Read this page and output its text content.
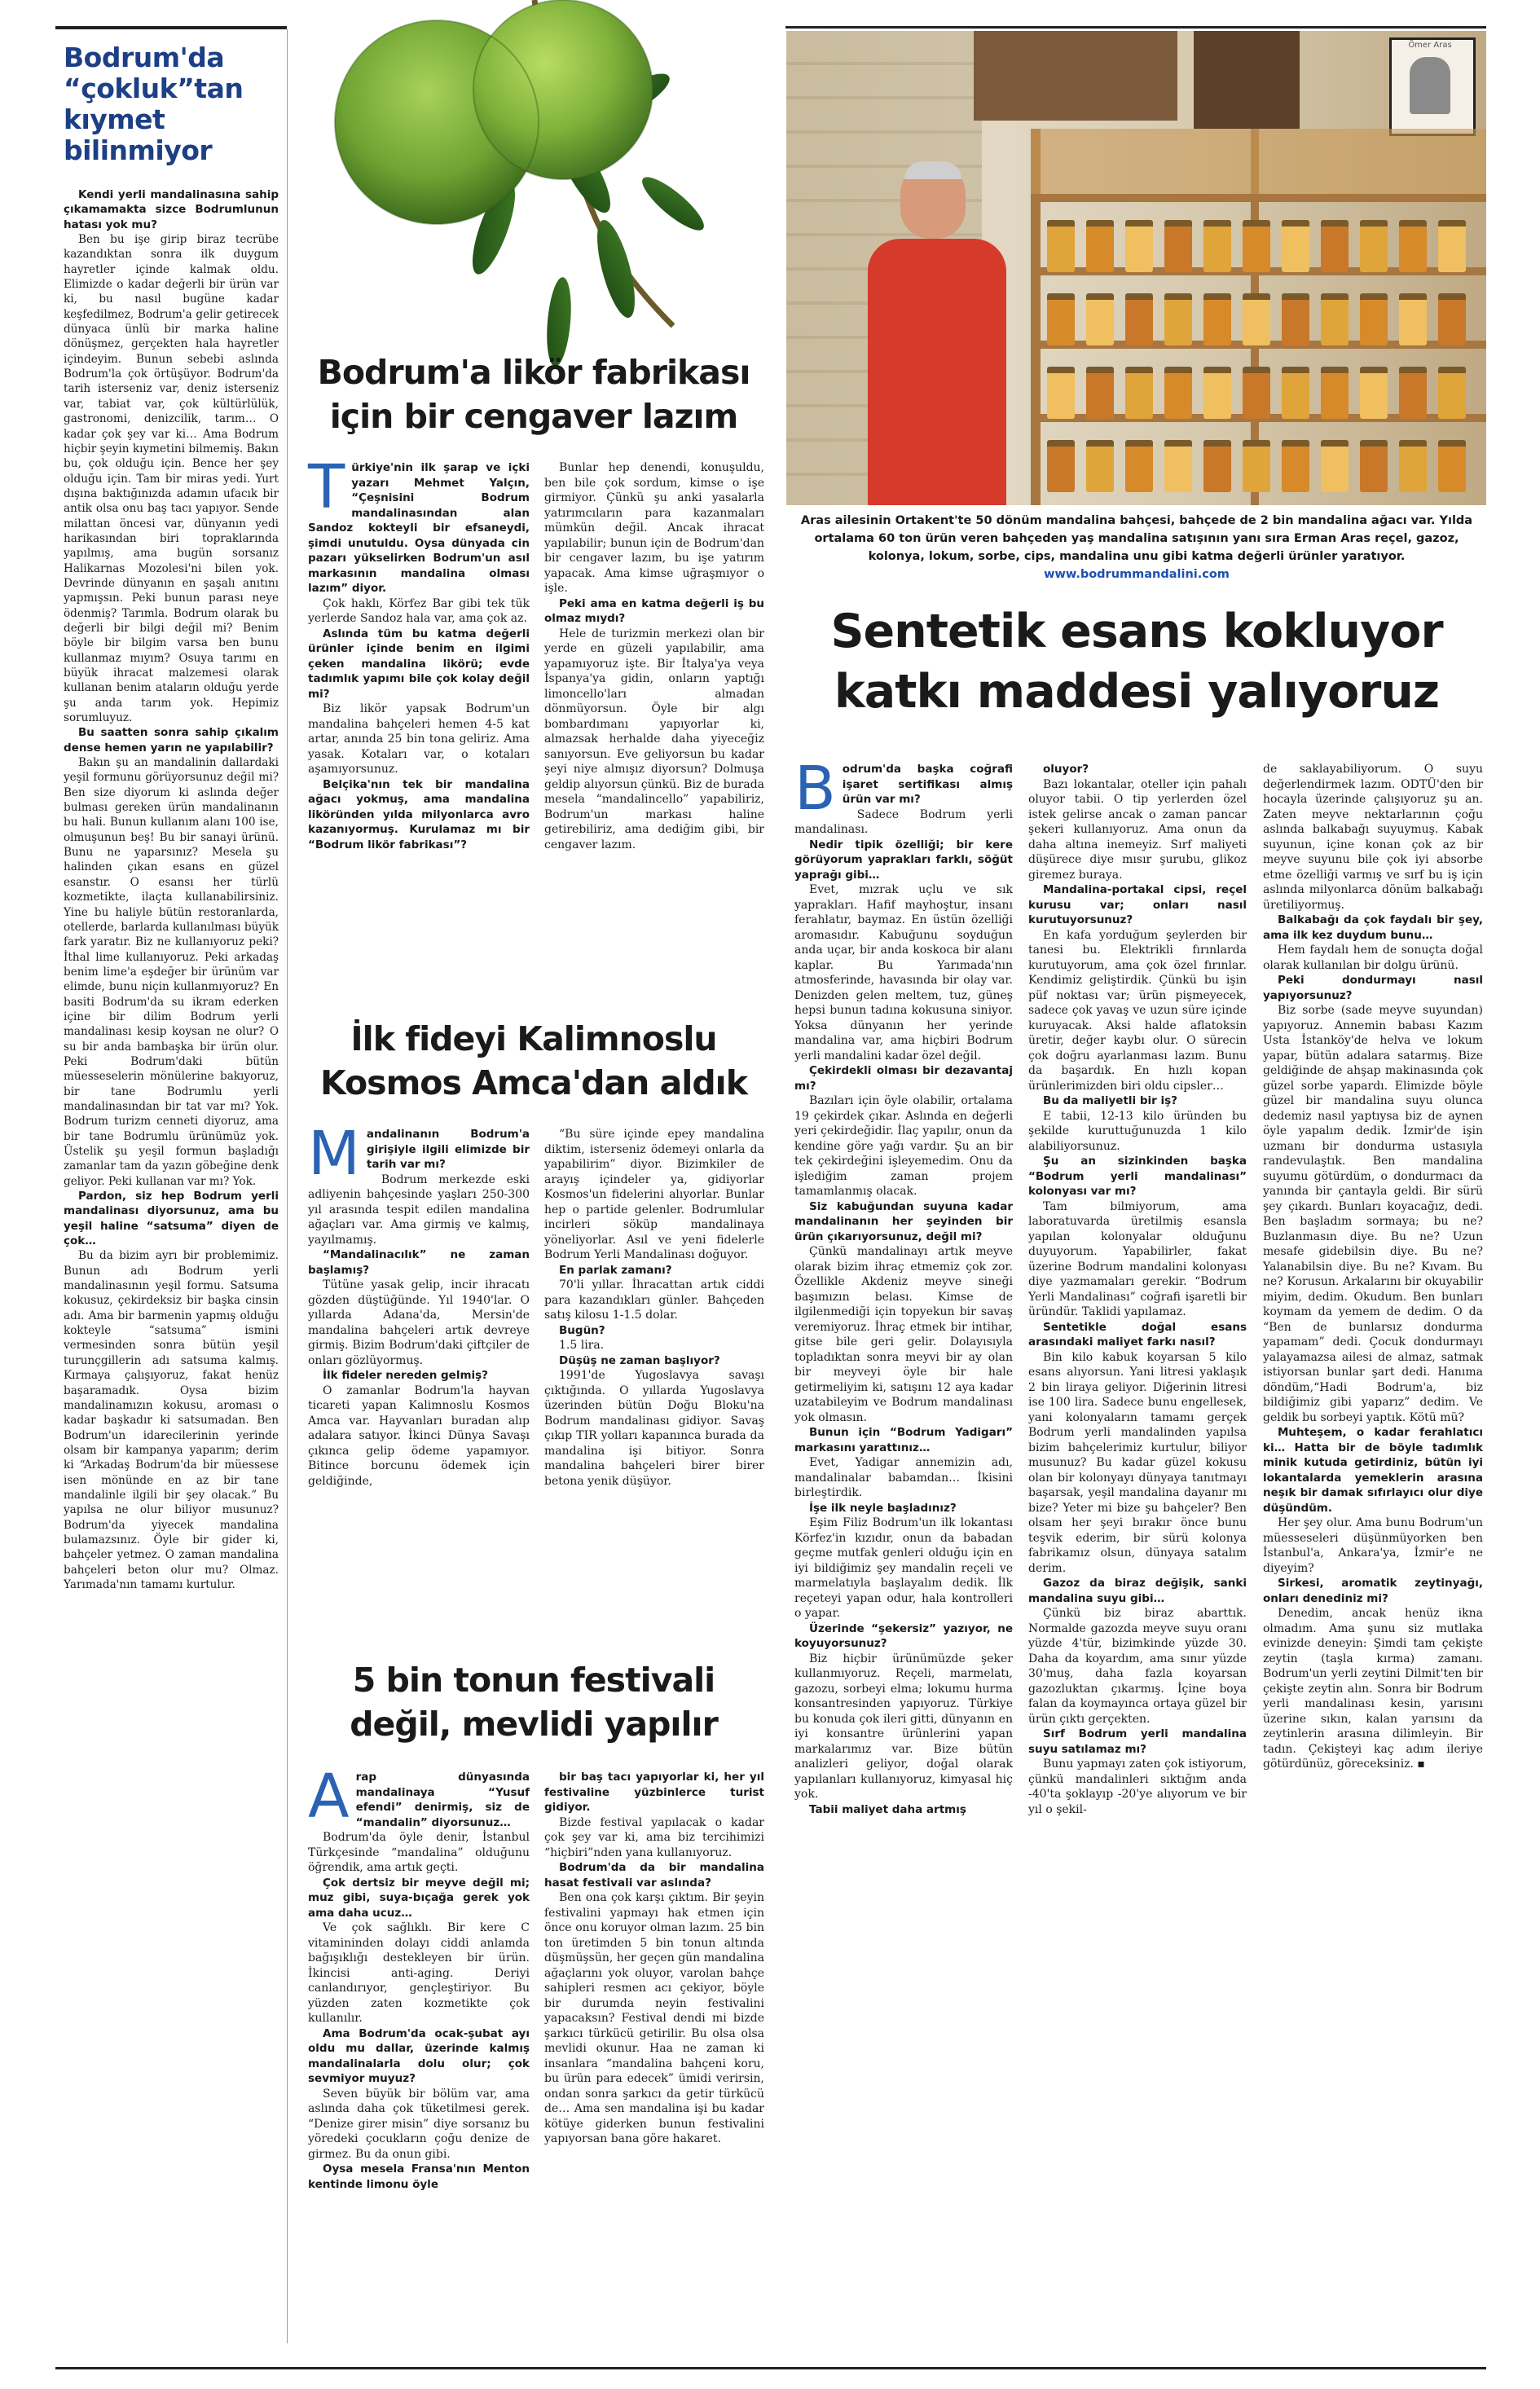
Bodrum'da
“çokluk”tan
kıymet
bilinmiyor

Kendi yerli mandalinasına sahip çıkamamakta sizce Bodrumlunun hatası yok mu?

Ben bu işe girip biraz tecrübe kazandıktan sonra ilk duygum hayretler içinde kalmak oldu. Elimizde o kadar değerli bir ürün var ki, bu nasıl bugüne kadar keşfedilmez, Bodrum'a gelir getirecek dünyaca ünlü bir marka haline dönüşmez, gerçekten hala hayretler içindeyim. Bunun sebebi aslında Bodrum'la çok örtüşüyor. Bodrum'da tarih isterseniz var, deniz isterseniz var, tabiat var, çok kültürlülük, gastronomi, denizcilik, tarım… O kadar çok şey var ki… Ama Bodrum hiçbir şeyin kıymetini bilmemiş. Bakın bu, çok olduğu için. Bence her şey olduğu için. Tam bir miras yedi. Yurt dışına baktığınızda adamın ufacık bir antik olsa onu baş tacı yapıyor. Sende milattan öncesi var, dünyanın yedi harikasından biri topraklarında yapılmış, ama bugün sorsanız Halikarnas Mozolesi'ni bilen yok. Devrinde dünyanın en şaşalı anıtını yapmışsın. Peki bunun parası neye ödenmiş? Tarımla. Bodrum olarak bu değerli bir bilgi değil mi? Benim böyle bir bilgim varsa ben bunu kullanmaz mıyım? Osuya tarımı en büyük ihracat malzemesi olarak kullanan benim ataların olduğu yerde şu anda tarım yok. Hepimiz sorumluyuz.

Bu saatten sonra sahip çıkalım dense hemen yarın ne yapılabilir?

Bakın şu an mandalinin dallardaki yeşil formunu görüyorsunuz değil mi? Ben size diyorum ki aslında değer bulması gereken ürün mandalinanın bu hali. Bunun kullanım alanı 100 ise, olmuşunun beş! Bu bir sanayi ürünü. Bunu ne yaparsınız? Mesela şu halinden çıkan esans en güzel esanstır. O esansı her türlü kozmetikte, ilaçta kullanabilirsiniz. Yine bu haliyle bütün restoranlarda, otellerde, barlarda kullanılması büyük fark yaratır. Biz ne kullanıyoruz peki? İthal lime kullanıyoruz. Peki arkadaş benim lime'a eşdeğer bir ürünüm var elimde, bunu niçin kullanmıyoruz? En basiti Bodrum'da su ikram ederken içine bir dilim Bodrum yerli mandalinası kesip koysan ne olur? O su bir anda bambaşka bir ürün olur. Peki Bodrum'daki bütün müesseselerin mönülerine bakıyoruz, bir tane Bodrumlu yerli mandalinasından bir tat var mı? Yok. Bodrum turizm cenneti diyoruz, ama bir tane Bodrumlu ürünümüz yok. Üstelik şu yeşil formun başladığı zamanlar tam da yazın göbeğine denk geliyor. Peki kullanan var mı? Yok.

Pardon, siz hep Bodrum yerli mandalinası diyorsunuz, ama bu yeşil haline “satsuma” diyen de çok…

Bu da bizim ayrı bir problemimiz. Bunun adı Bodrum yerli mandalinasının yeşil formu. Satsuma kokusuz, çekirdeksiz bir başka cinsin adı. Ama bir barmenin yapmış olduğu kokteyle “satsuma” ismini vermesinden sonra bütün yeşil turunçgillerin adı satsuma kalmış. Kırmaya çalışıyoruz, fakat henüz başaramadık. Oysa bizim mandalinamızın kokusu, aroması o kadar başkadır ki satsumadan. Ben Bodrum'un idarecilerinin yerinde olsam bir kampanya yaparım; derim ki “Arkadaş Bodrum'da bir müessese isen mönünde en az bir tane mandalinle ilgili bir şey olacak.” Bu yapılsa ne olur biliyor musunuz? Bodrum'da yiyecek mandalina bulamazsınız. Öyle bir gider ki, bahçeler yetmez. O zaman mandalina bahçeleri beton olur mu? Olmaz. Yarımada'nın tamamı kurtulur.

Bodrum'a likör fabrikası
için bir cengaver lazım
T ürkiye'nin ilk şarap ve içki yazarı Mehmet Yalçın, “Çeşnisini Bodrum mandalinasından alan Sandoz kokteyli bir efsaneydi, şimdi unutuldu. Oysa dünyada cin pazarı yükselirken Bodrum'un asıl markasının mandalina olması lazım” diyor.

Çok haklı, Körfez Bar gibi tek tük yerlerde Sandoz hala var, ama çok az.

Aslında tüm bu katma değerli ürünler içinde benim en ilgimi çeken mandalina likörü; evde tadımlık yapımı bile çok kolay değil mi?

Biz likör yapsak Bodrum'un mandalina bahçeleri hemen 4-5 kat artar, anında 25 bin tona geliriz. Ama yasak. Kotaları var, o kotaları aşamıyorsunuz.

Belçika'nın tek bir mandalina ağacı yokmuş, ama mandalina liköründen yılda milyonlarca avro kazanıyormuş. Kurulamaz mı bir “Bodrum likör fabrikası”?

Bunlar hep denendi, konuşuldu, ben bile çok sordum, kimse o işe girmiyor. Çünkü şu anki yasalarla yatırımcıların para kazanmaları mümkün değil. Ancak ihracat yapılabilir; bunun için de Bodrum'dan bir cengaver lazım, bu işe yatırım yapacak. Ama kimse uğraşmıyor o işle.

Peki ama en katma değerli iş bu olmaz mıydı?

Hele de turizmin merkezi olan bir yerde en güzeli yapılabilir, ama yapamıyoruz işte. Bir İtalya'ya veya İspanya'ya gidin, onların yaptığı limoncello'ları almadan dönmüyorsun. Öyle bir algı bombardımanı yapıyorlar ki, almazsak herhalde daha yiyeceğiz sanıyorsun. Eve geliyorsun bu kadar şeyi niye almışız diyorsun? Dolmuşa geldip alıyorsun çünkü. Biz de burada mesela “mandalincello” yapabiliriz, Bodrum'un markası haline getirebiliriz, ama dediğim gibi, bir cengaver lazım.

İlk fideyi Kalimnoslu
Kosmos Amca'dan aldık
M andalinanın Bodrum'a girişiyle ilgili elimizde bir tarih var mı?

Bodrum merkezde eski adliyenin bahçesinde yaşları 250-300 yıl arasında tespit edilen mandalina ağaçları var. Ama girmiş ve kalmış, yayılmamış.

“Mandalinacılık” ne zaman başlamış?

Tütüne yasak gelip, incir ihracatı gözden düştüğünde. Yıl 1940'lar. O yıllarda Adana'da, Mersin'de mandalina bahçeleri artık devreye girmiş. Bizim Bodrum'daki çiftçiler de onları gözlüyormuş.

İlk fideler nereden gelmiş?

O zamanlar Bodrum'la hayvan ticareti yapan Kalimnoslu Kosmos Amca var. Hayvanları buradan alıp adalara satıyor. İkinci Dünya Savaşı çıkınca gelip ödeme yapamıyor. Bitince borcunu ödemek için geldiğinde,

“Bu süre içinde epey mandalina diktim, isterseniz ödemeyi onlarla da yapabilirim” diyor. Bizimkiler de arayış içindeler ya, gidiyorlar Kosmos'un fidelerini alıyorlar. Bunlar hep o partide gelenler. Bodrumlular incirleri söküp mandalinaya yöneliyorlar. Asıl ve yeni fidelerle Bodrum Yerli Mandalinası doğuyor.

En parlak zamanı?

70'li yıllar. İhracattan artık ciddi para kazandıkları günler. Bahçeden satış kilosu 1-1.5 dolar.

Bugün?

1.5 lira.

Düşüş ne zaman başlıyor?

1991'de Yugoslavya savaşı çıktığında. O yıllarda Yugoslavya üzerinden bütün Doğu Bloku'na Bodrum mandalinası gidiyor. Savaş çıkıp TIR yolları kapanınca burada da mandalina işi bitiyor. Sonra mandalina bahçeleri birer birer betona yenik düşüyor.

5 bin tonun festivali
değil, mevlidi yapılır
A rap dünyasında mandalinaya “Yusuf efendi” denirmiş, siz de “mandalin” diyorsunuz…

Bodrum'da öyle denir, İstanbul Türkçesinde “mandalina” olduğunu öğrendik, ama artık geçti.

Çok dertsiz bir meyve değil mi; muz gibi, suya-bıçağa gerek yok ama daha ucuz…

Ve çok sağlıklı. Bir kere C vitamininden dolayı ciddi anlamda bağışıklığı destekleyen bir ürün. İkincisi anti-aging. Deriyi canlandırıyor, gençleştiriyor. Bu yüzden zaten kozmetikte çok kullanılır.

Ama Bodrum'da ocak-şubat ayı oldu mu dallar, üzerinde kalmış mandalinalarla dolu olur; çok sevmiyor muyuz?

Seven büyük bir bölüm var, ama aslında daha çok tüketilmesi gerek. “Denize girer misin” diye sorsanız bu yöredeki çocukların çoğu denize de girmez. Bu da onun gibi.

Oysa mesela Fransa'nın Menton kentinde limonu öyle

bir baş tacı yapıyorlar ki, her yıl festivaline yüzbinlerce turist gidiyor.

Bizde festival yapılacak o kadar çok şey var ki, ama biz tercihimizi “hiçbiri”nden yana kullanıyoruz.

Bodrum'da da bir mandalina hasat festivali var aslında?

Ben ona çok karşı çıktım. Bir şeyin festivalini yapmayı hak etmen için önce onu koruyor olman lazım. 25 bin ton üretimden 5 bin tonun altında düşmüşsün, her geçen gün mandalina ağaçlarını yok oluyor, varolan bahçe sahipleri resmen acı çekiyor, böyle bir durumda neyin festivalini yapacaksın? Festival dendi mi bizde şarkıcı türkücü getirilir. Bu olsa olsa mevlidi okunur. Haa ne zaman ki insanlara “mandalina bahçeni koru, bu ürün para edecek” ümidi verirsin, ondan sonra şarkıcı da getir türkücü de… Ama sen mandalina işi bu kadar kötüye giderken bunun festivalini yapıyorsan bana göre hakaret.

Ömer Aras
Aras ailesinin Ortakent'te 50 dönüm mandalina bahçesi, bahçede de 2 bin mandalina ağacı var. Yılda ortalama 60 ton ürün veren bahçeden yaş mandalina satışının yanı sıra Erman Aras reçel, gazoz, kolonya, lokum, sorbe, cips, mandalina unu gibi katma değerli ürünler yaratıyor. www.bodrummandalini.com
Sentetik esans kokluyor
katkı maddesi yalıyoruz
B odrum'da başka coğrafi işaret sertifikası almış ürün var mı?

Sadece Bodrum yerli mandalinası.

Nedir tipik özelliği; bir kere görüyorum yaprakları farklı, söğüt yaprağı gibi…

Evet, mızrak uçlu ve sık yaprakları. Hafif mayhoştur, insanı ferahlatır, baymaz. En üstün özelliği aromasıdır. Kabuğunu soyduğun anda uçar, bir anda koskoca bir alanı kaplar. Bu Yarımada'nın atmosferinde, havasında bir olay var. Denizden gelen meltem, tuz, güneş hepsi bunun tadına kokusuna siniyor. Yoksa dünyanın her yerinde mandalina var, ama hiçbiri Bodrum yerli mandalini kadar özel değil.

Çekirdekli olması bir dezavantaj mı?

Bazıları için öyle olabilir, ortalama 19 çekirdek çıkar. Aslında en değerli yeri çekirdeğidir. İlaç yapılır, onun da kendine göre yağı vardır. Şu an bir tek çekirdeğini işleyemedim. Onu da işlediğim zaman projem tamamlanmış olacak.

Siz kabuğundan suyuna kadar mandalinanın her şeyinden bir ürün çıkarıyorsunuz, değil mi?

Çünkü mandalinayı artık meyve olarak bizim ihraç etmemiz çok zor. Özellikle Akdeniz meyve sineği başımızın belası. Kimse de ilgilenmediği için topyekun bir savaş veremiyoruz. İhraç etmek bir intihar, gitse bile geri gelir. Dolayısıyla topladıktan sonra meyvi bir ay olan bir meyveyi öyle bir hale getirmeliyim ki, satışını 12 aya kadar uzatabileyim ve Bodrum mandalinası yok olmasın.

Bunun için “Bodrum Yadigarı” markasını yarattınız…

Evet, Yadigar annemizin adı, mandalinalar babamdan… İkisini birleştirdik.

İşe ilk neyle başladınız?

Eşim Filiz Bodrum'un ilk lokantası Körfez'in kızıdır, onun da babadan geçme mutfak genleri olduğu için en iyi bildiğimiz şey mandalin reçeli ve marmelatıyla başlayalım dedik. İlk reçeteyi yapan odur, hala kontrolleri o yapar.

Üzerinde “şekersiz” yazıyor, ne koyuyorsunuz?

Biz hiçbir ürünümüzde şeker kullanmıyoruz. Reçeli, marmelatı, gazozu, sorbeyi elma; lokumu hurma konsantresinden yapıyoruz. Türkiye bu konuda çok ileri gitti, dünyanın en iyi konsantre ürünlerini yapan markalarımız var. Bize bütün analizleri geliyor, doğal olarak yapılanları kullanıyoruz, kimyasal hiç yok.

Tabii maliyet daha artmış

oluyor?

Bazı lokantalar, oteller için pahalı oluyor tabii. O tip yerlerden özel istek gelirse ancak o zaman pancar şekeri kullanıyoruz. Ama onun da daha altına inemeyiz. Sırf maliyeti düşürece diye mısır şurubu, glikoz giremez buraya.

Mandalina-portakal cipsi, reçel kurusu var; onları nasıl kurutuyorsunuz?

En kafa yorduğum şeylerden bir tanesi bu. Elektrikli fırınlarda kurutuyorum, ama çok özel fırınlar. Kendimiz geliştirdik. Çünkü bu işin püf noktası var; ürün pişmeyecek, sadece çok yavaş ve uzun süre içinde kuruyacak. Aksi halde aflatoksin üretir, değer kaybı olur. O sürecin çok doğru ayarlanması lazım. Bunu da başardık. En hızlı kopan ürünlerimizden biri oldu cipsler…

Bu da maliyetli bir iş?

E tabii, 12-13 kilo üründen bu şekilde kuruttuğunuzda 1 kilo alabiliyorsunuz.

Şu an sizinkinden başka “Bodrum yerli mandalinası” kolonyası var mı?

Tam bilmiyorum, ama laboratuvarda üretilmiş esansla yapılan kolonyalar olduğunu duyuyorum. Yapabilirler, fakat üzerine Bodrum mandalini kolonyası diye yazmamaları gerekir. “Bodrum Yerli Mandalinası” coğrafi işaretli bir üründür. Taklidi yapılamaz.

Sentetikle doğal esans arasındaki maliyet farkı nasıl?

Bin kilo kabuk koyarsan 5 kilo esans alıyorsun. Yani litresi yaklaşık 2 bin liraya geliyor. Diğerinin litresi ise 100 lira. Sadece bunu engellesek, yani kolonyaların tamamı gerçek Bodrum yerli mandalinden yapılsa bizim bahçelerimiz kurtulur, biliyor musunuz? Bu kadar güzel kokusu olan bir kolonyayı dünyaya tanıtmayı başarsak, yeşil mandalina dayanır mı bize? Yeter mi bize şu bahçeler? Ben olsam her şeyi bırakır önce bunu teşvik ederim, bir sürü kolonya fabrikamız olsun, dünyaya satalım derim.

Gazoz da biraz değişik, sanki mandalina suyu gibi…

Çünkü biz biraz abarttık. Normalde gazozda meyve suyu oranı yüzde 4'tür, bizimkinde yüzde 30. Daha da koyardım, ama sınır yüzde 30'muş, daha fazla koyarsan gazozluktan çıkarmış. İçine boya falan da koymayınca ortaya güzel bir ürün çıktı gerçekten.

Sırf Bodrum yerli mandalina suyu satılamaz mı?

Bunu yapmayı zaten çok istiyorum, çünkü mandalinleri sıktığım anda -40'ta şoklayıp -20'ye alıyorum ve bir yıl o şekil-

de saklayabiliyorum. O suyu değerlendirmek lazım. ODTÜ'den bir hocayla üzerinde çalışıyoruz şu an. Zaten meyve nektarlarının çoğu aslında balkabağı suyuymuş. Kabak suyunun, içine konan çok az bir meyve suyunu bile çok iyi absorbe etme özelliği varmış ve sırf bu iş için aslında milyonlarca dönüm balkabağı üretiliyormuş.

Balkabağı da çok faydalı bir şey, ama ilk kez duydum bunu…

Hem faydalı hem de sonuçta doğal olarak kullanılan bir dolgu ürünü.

Peki dondurmayı nasıl yapıyorsunuz?

Biz sorbe (sade meyve suyundan) yapıyoruz. Annemin babası Kazım Usta İstanköy'de helva ve lokum yapar, bütün adalara satarmış. Bize geldiğinde de ahşap makinasında çok güzel sorbe yapardı. Elimizde böyle güzel bir mandalina suyu olunca dedemiz nasıl yaptıysa biz de aynen öyle yapalım dedik. İzmir'de işin uzmanı bir dondurma ustasıyla randevulaştık. Ben mandalina suyumu götürdüm, o dondurmacı da yanında bir çantayla geldi. Bir sürü şey çıkardı. Bunları koyacağız, dedi. Ben başladım sormaya; bu ne? Buzlanmasın diye. Bu ne? Uzun mesafe gidebilsin diye. Bu ne? Yalanabilsin diye. Bu ne? Kıvam. Bu ne? Korusun. Arkalarını bir okuyabilir miyim, dedim. Okudum. Ben bunları koymam da yemem de dedim. O da “Ben de bunlarsız dondurma yapamam” dedi. Çocuk dondurmayı yalayamazsa ailesi de almaz, satmak istiyorsan bunlar şart dedi. Hanıma döndüm,“Hadi Bodrum'a, biz bildiğimiz gibi yaparız” dedim. Ve geldik bu sorbeyi yaptık. Kötü mü?

Muhteşem, o kadar ferahlatıcı ki… Hatta bir de böyle tadımlık minik kutuda getirdiniz, bütün iyi lokantalarda yemeklerin arasına neşık bir damak sıfırlayıcı olur diye düşündüm.

Her şey olur. Ama bunu Bodrum'un müesseseleri düşünmüyorken ben İstanbul'a, Ankara'ya, İzmir'e ne diyeyim?

Sirkesi, aromatik zeytinyağı, onları denediniz mi?

Denedim, ancak henüz ikna olmadım. Ama şunu siz mutlaka evinizde deneyin: Şimdi tam çekişte zeytin (taşla kırma) zamanı. Bodrum'un yerli zeytini Dilmit'ten bir çekişte zeytin alın. Sonra bir Bodrum yerli mandalinası kesin, yarısını üzerine sıkın, kalan yarısını da zeytinlerin arasına dilimleyin. Bir tadın. Çekişteyi kaç adım ileriye götürdünüz, göreceksiniz. ▪
